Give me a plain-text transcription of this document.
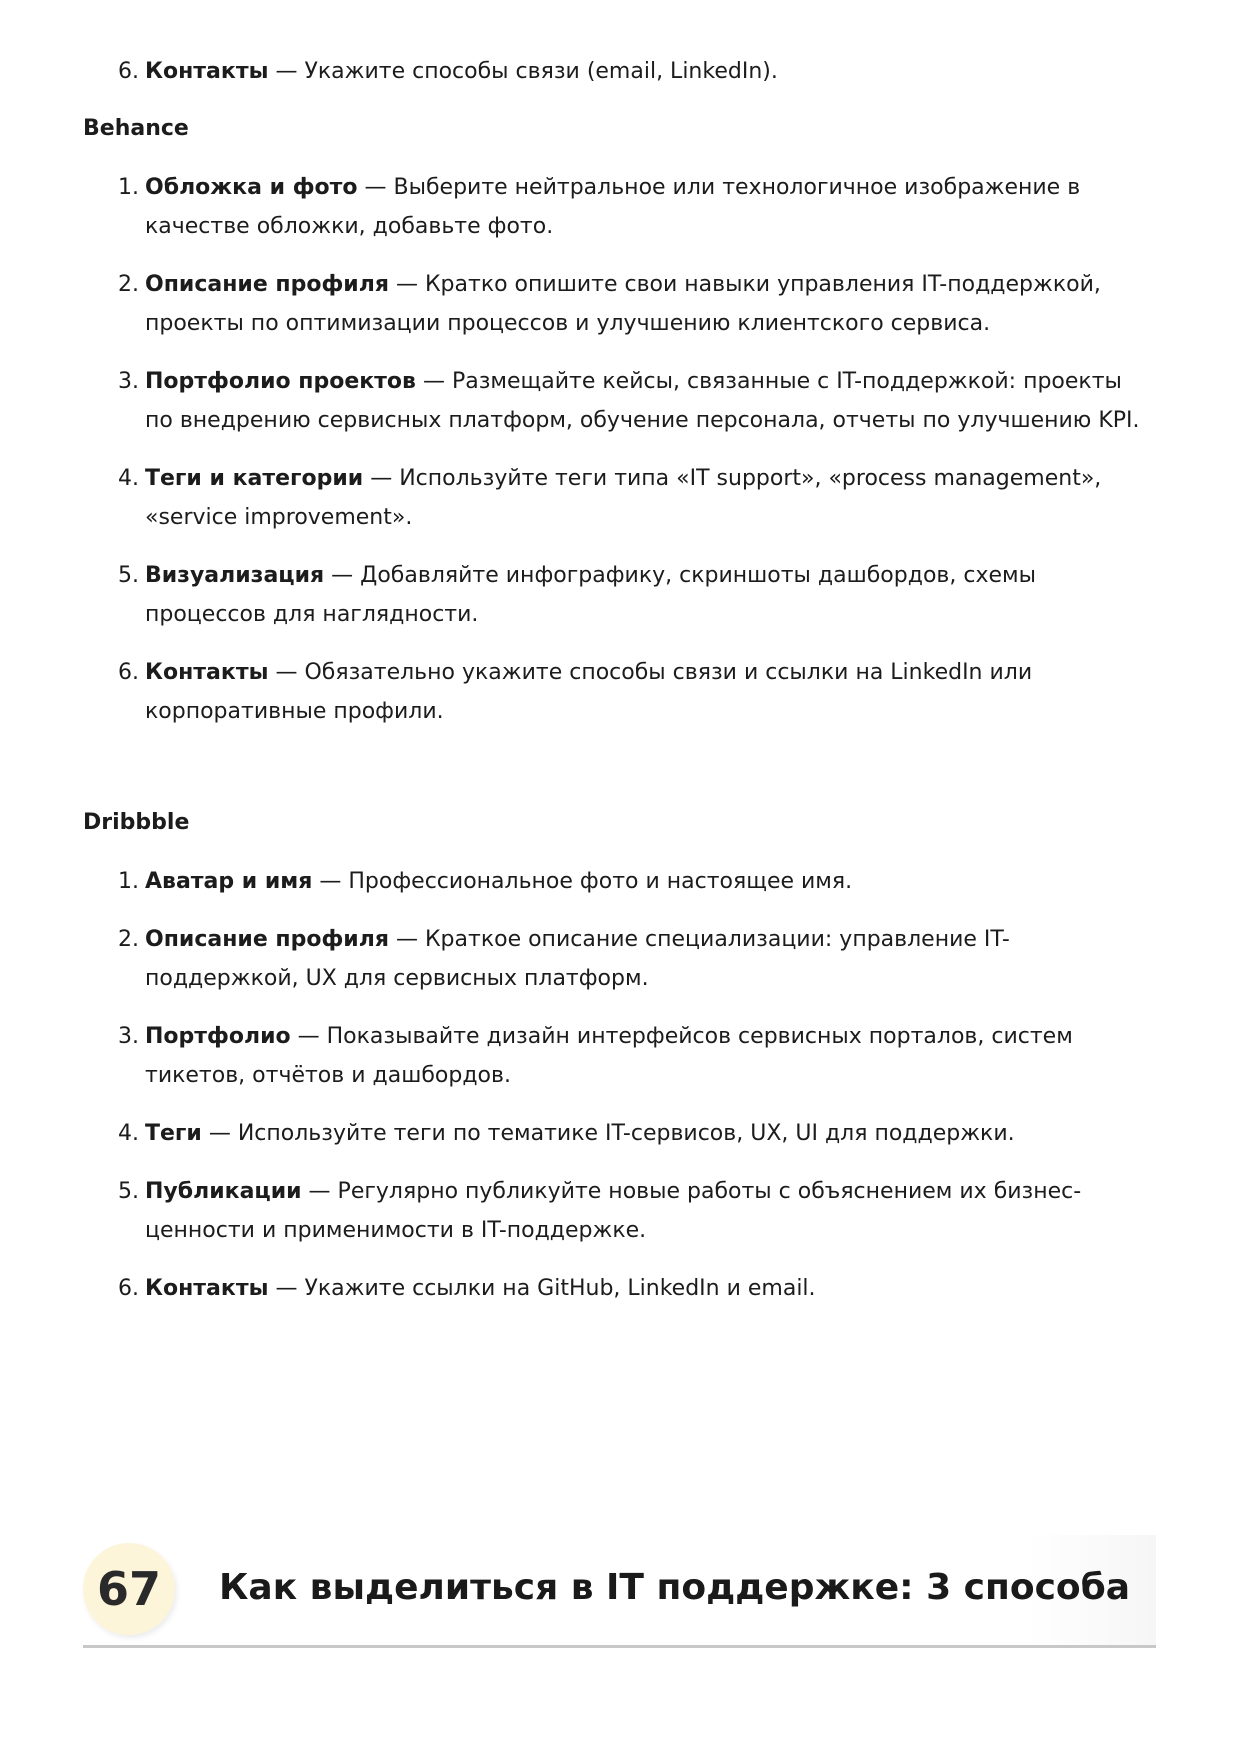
6. Контакты — Укажите способы связи (email, LinkedIn).
Behance
1. Обложка и фото — Выберите нейтральное или технологичное изображение в качестве обложки, добавьте фото.
2. Описание профиля — Кратко опишите свои навыки управления IT-поддержкой, проекты по оптимизации процессов и улучшению клиентского сервиса.
3. Портфолио проектов — Размещайте кейсы, связанные с IT-поддержкой: проекты по внедрению сервисных платформ, обучение персонала, отчеты по улучшению KPI.
4. Теги и категории — Используйте теги типа «IT support», «process management», «service improvement».
5. Визуализация — Добавляйте инфографику, скриншоты дашбордов, схемы процессов для наглядности.
6. Контакты — Обязательно укажите способы связи и ссылки на LinkedIn или корпоративные профили.
Dribbble
1. Аватар и имя — Профессиональное фото и настоящее имя.
2. Описание профиля — Краткое описание специализации: управление IT-поддержкой, UX для сервисных платформ.
3. Портфолио — Показывайте дизайн интерфейсов сервисных порталов, систем тикетов, отчётов и дашбордов.
4. Теги — Используйте теги по тематике IT-сервисов, UX, UI для поддержки.
5. Публикации — Регулярно публикуйте новые работы с объяснением их бизнес-ценности и применимости в IT-поддержке.
6. Контакты — Укажите ссылки на GitHub, LinkedIn и email.
67	Как выделиться в IT поддержке: 3 способа
